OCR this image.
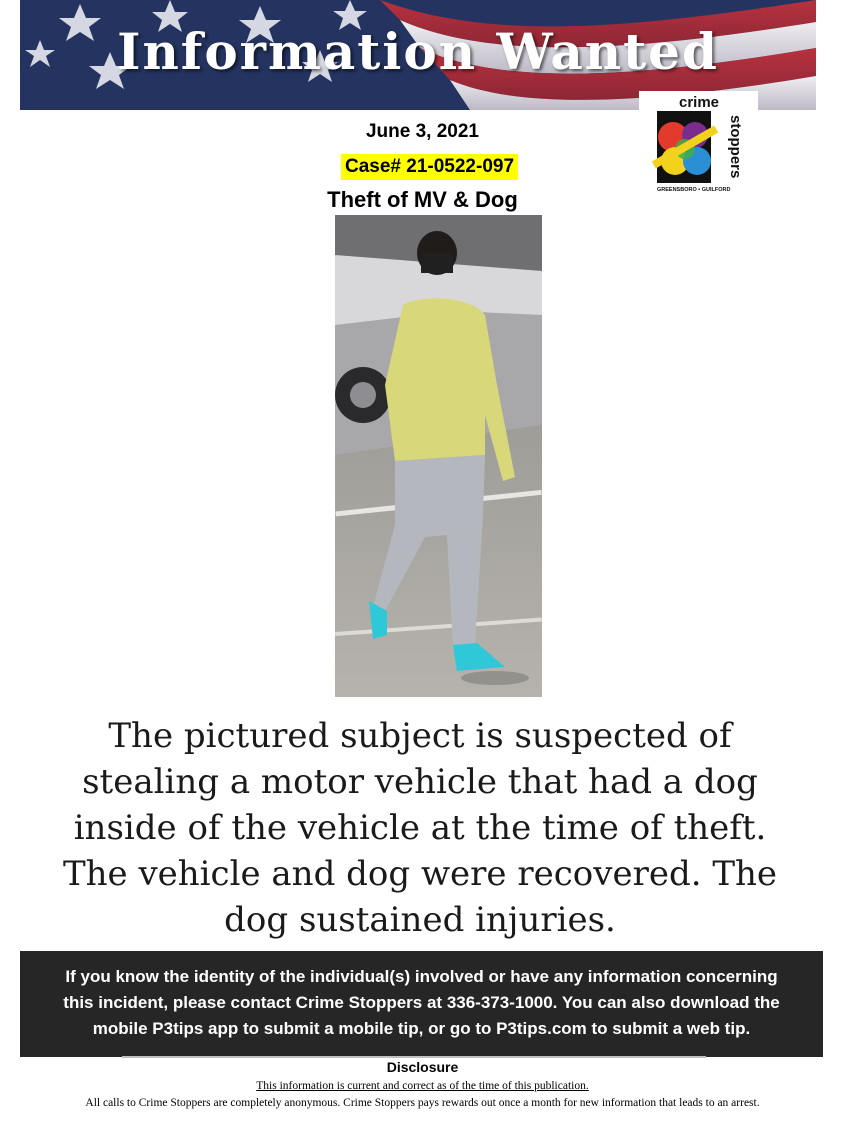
Information Wanted
crime
stoppers
GREENSBORO • GUILFORD
June 3, 2021
Case# 21-0522-097
Theft of MV & Dog
The pictured subject is suspected of stealing a motor vehicle that had a dog inside of the vehicle at the time of theft. The vehicle and dog were recovered. The dog sustained injuries.
If you know the identity of the individual(s) involved or have any information concerning this incident, please contact Crime Stoppers at 336-373-1000. You can also download the mobile P3tips app to submit a mobile tip, or go to P3tips.com to submit a web tip.
Disclosure
This information is current and correct as of the time of this publication.
All calls to Crime Stoppers are completely anonymous. Crime Stoppers pays rewards out once a month for new information that leads to an arrest.
